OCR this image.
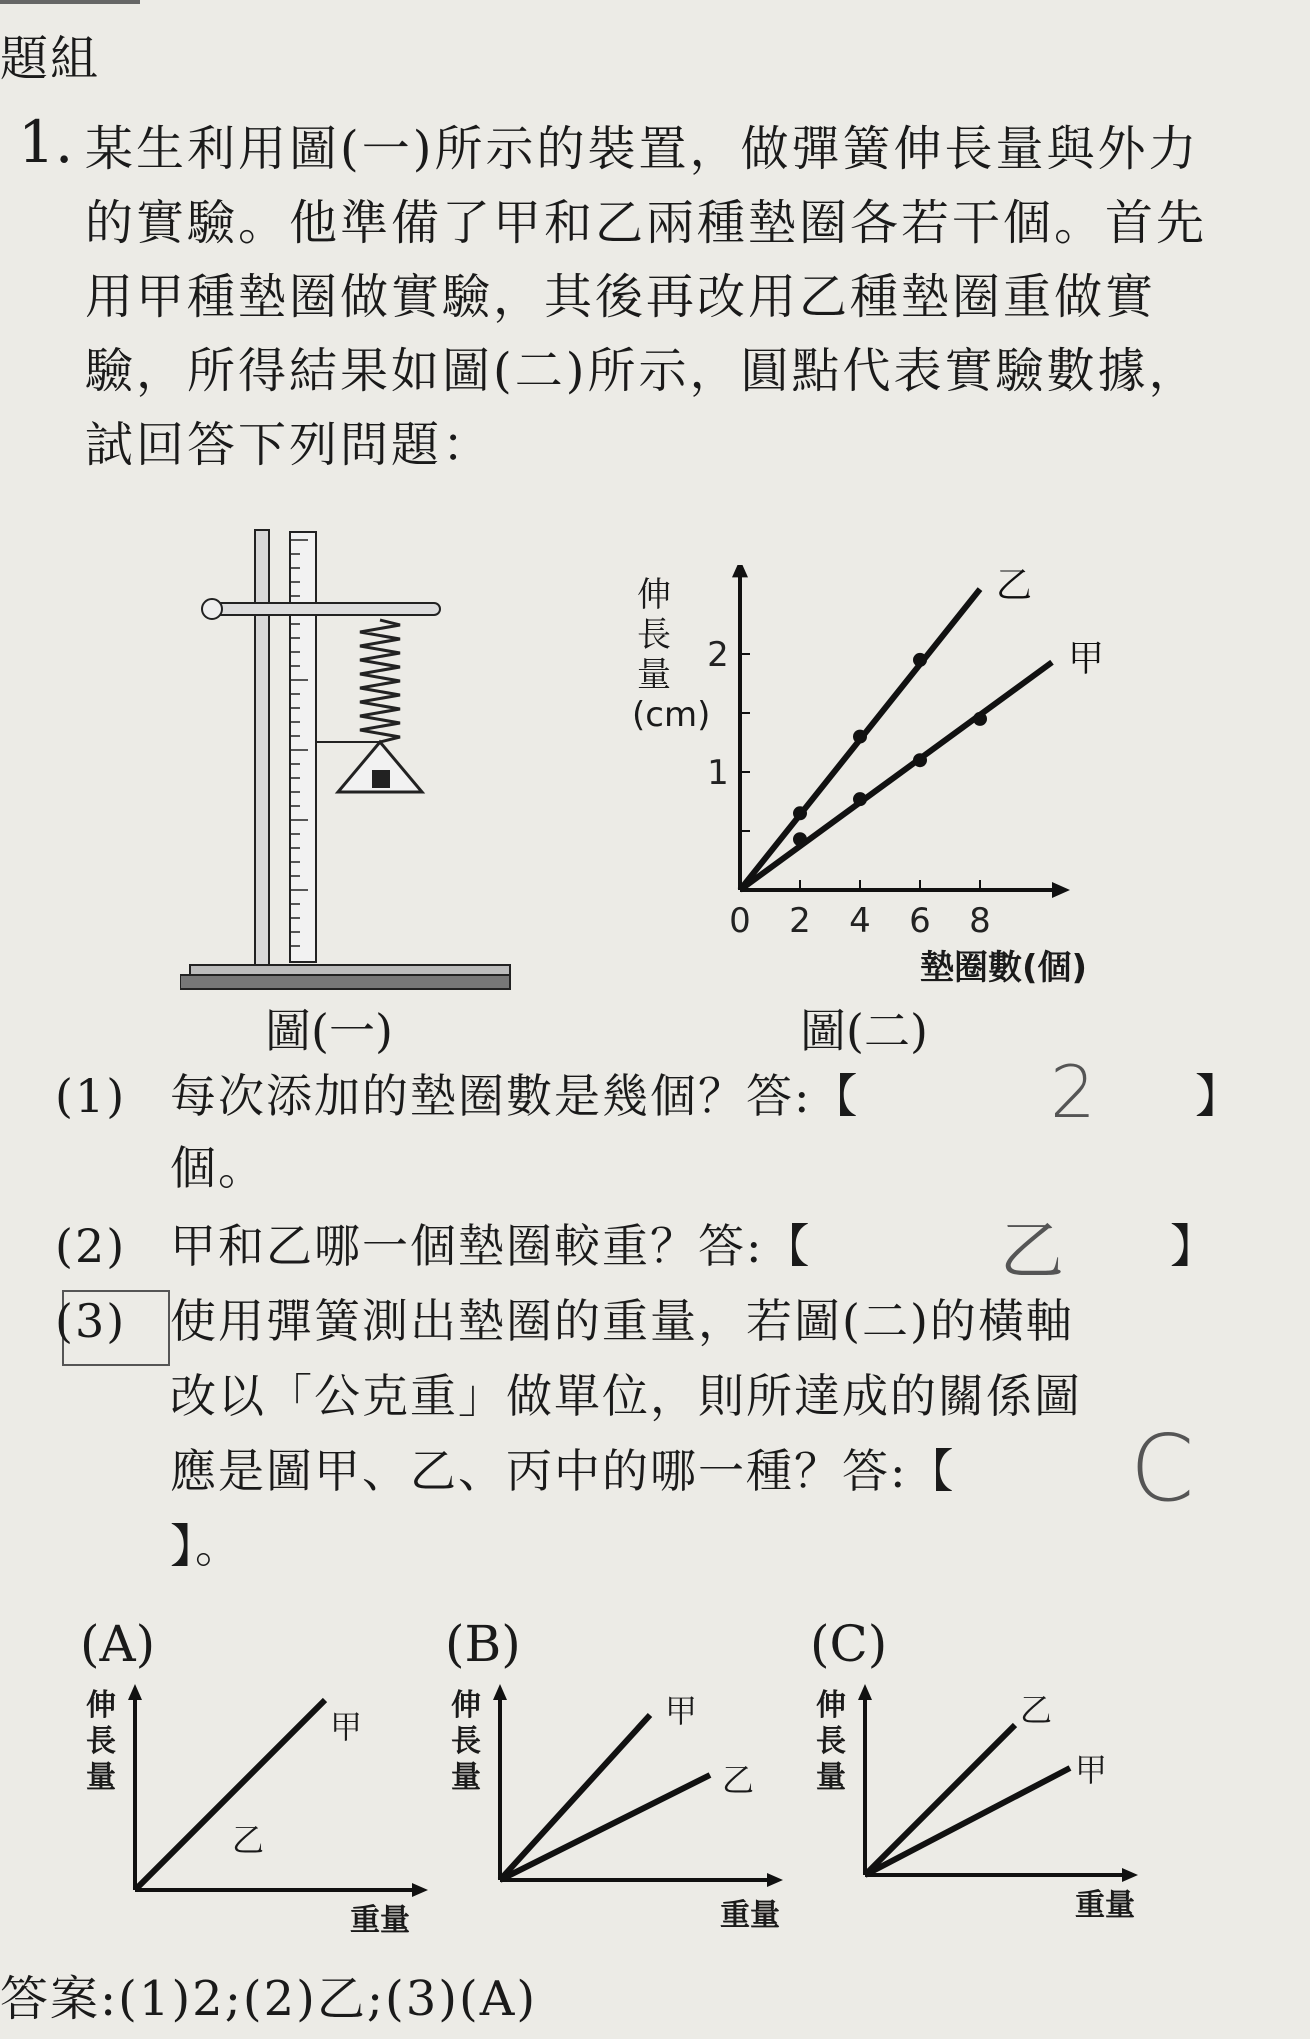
題組
1. 某生利用圖(一)所示的裝置，做彈簧伸長量與外力的實驗。他準備了甲和乙兩種墊圈各若干個。首先用甲種墊圈做實驗，其後再改用乙種墊圈重做實驗，所得結果如圖(二)所示，圓點代表實驗數據，試回答下列問題：
圖(一)
0 2 4 6 8
1
2
乙
甲
伸長量(cm)
墊圈數(個)
圖(二)
(1) 每次添加的墊圈數是幾個？答:【	2 】
個。
(2) 甲和乙哪一個墊圈較重？答:【	乙 】
(3) 使用彈簧測出墊圈的重量，若圖(二)的橫軸
改以「公克重」做單位，則所達成的關係圖
應是圖甲、乙、丙中的哪一種？答:【 C
】。
(A)	(B)	(C)
伸長量
重量
甲
乙
伸長量
重量
甲
乙
伸長量
重量
乙
甲
答案:(1)2;(2)乙;(3)(A)
